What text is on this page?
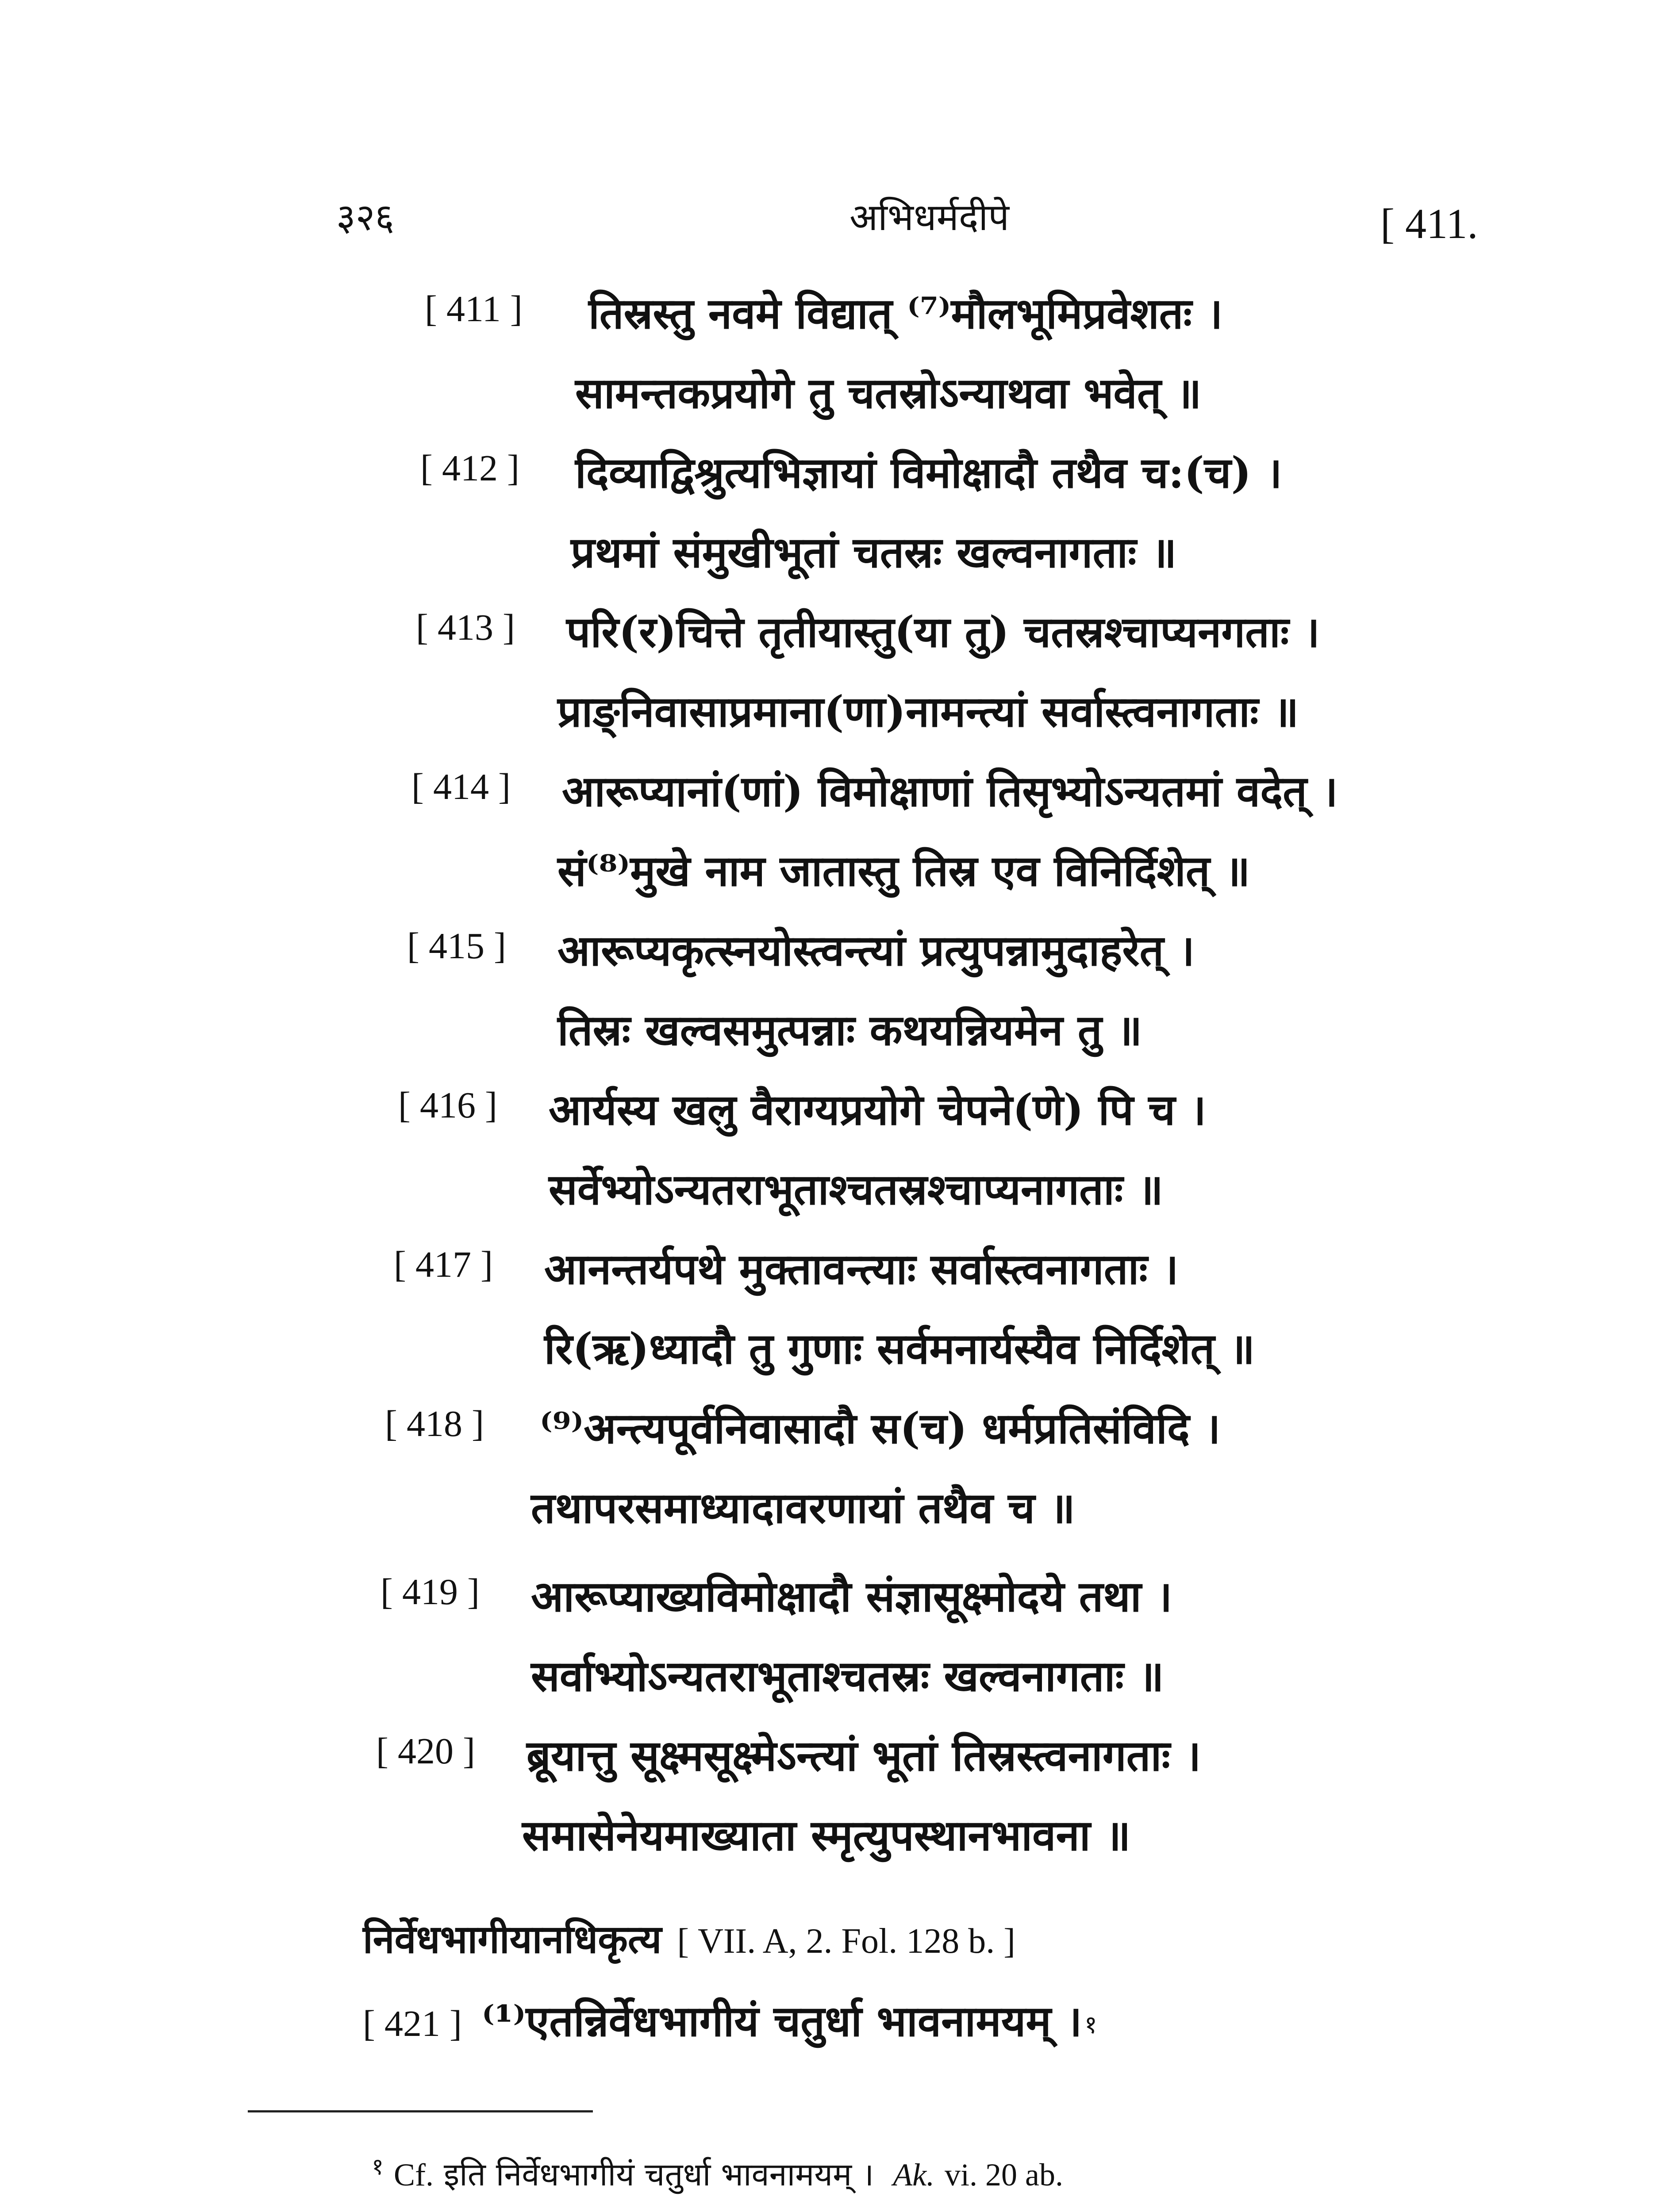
३२६	अभिधर्मदीपे	[ 411.
[ 411 ] तिस्रस्तु नवमे विद्यात् ⁽⁷⁾मौलभूमिप्रवेशतः ।
सामन्तकप्रयोगे तु चतस्रोऽन्याथवा भवेत् ॥
[ 412 ] दिव्याद्विश्रुत्यभिज्ञायां विमोक्षादौ तथैव च:(च) ।
प्रथमां संमुखीभूतां चतस्रः खल्वनागताः ॥
[ 413 ] परि(र)चित्ते तृतीयास्तु(या तु) चतस्रश्चाप्यनगताः ।
प्राङ्निवासाप्रमाना(णा)नामन्त्यां सर्वास्त्वनागताः ॥
[ 414 ] आरूप्यानां(णां) विमोक्षाणां तिसृभ्योऽन्यतमां वदेत् ।
सं⁽⁸⁾मुखे नाम जातास्तु तिस्र एव विनिर्दिशेत् ॥
[ 415 ] आरूप्यकृत्स्नयोस्त्वन्त्यां प्रत्युपन्नामुदाहरेत् ।
तिस्रः खल्वसमुत्पन्नाः कथयन्नियमेन तु ॥
[ 416 ] आर्यस्य खलु वैराग्यप्रयोगे चेपने(णे) पि च ।
सर्वेभ्योऽन्यतराभूताश्चतस्रश्चाप्यनागताः ॥
[ 417 ] आनन्तर्यपथे मुक्तावन्त्याः सर्वास्त्वनागताः ।
रि(ऋ)ध्यादौ तु गुणाः सर्वमनार्यस्यैव निर्दिशेत् ॥
[ 418 ] ⁽⁹⁾अन्त्यपूर्वनिवासादौ स(च) धर्मप्रतिसंविदि ।
तथापरसमाध्यादावरणायां तथैव च ॥
[ 419 ] आरूप्याख्यविमोक्षादौ संज्ञासूक्ष्मोदये तथा ।
सर्वाभ्योऽन्यतराभूताश्चतस्रः खल्वनागताः ॥
[ 420 ] ब्रूयात्तु सूक्ष्मसूक्ष्मेऽन्त्यां भूतां तिस्रस्त्वनागताः ।
समासेनेयमाख्याता स्मृत्युपस्थानभावना ॥
निर्वेधभागीयानधिकृत्य [ VII. A, 2. Fol. 128 b. ]
[ 421 ] ⁽¹⁾एतन्निर्वेधभागीयं चतुर्धा भावनामयम् । १
$^१$ Cf. इति निर्वेधभागीयं चतुर्धा भावनामयम् । Ak. vi. 20 ab.
